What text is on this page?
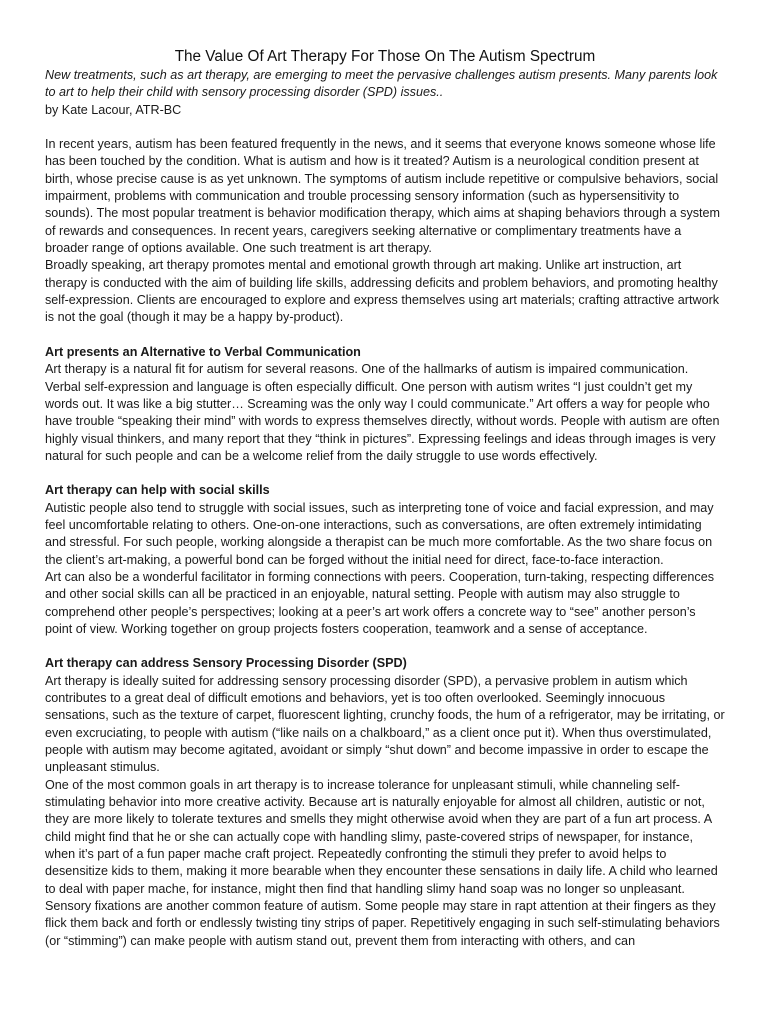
The Value Of Art Therapy For Those On The Autism Spectrum

New treatments, such as art therapy, are emerging to meet the pervasive challenges autism presents. Many parents look to art to help their child with sensory processing disorder (SPD) issues..

by Kate Lacour, ATR-BC

In recent years, autism has been featured frequently in the news, and it seems that everyone knows someone whose life has been touched by the condition. What is autism and how is it treated? Autism is a neurological condition present at birth, whose precise cause is as yet unknown. The symptoms of autism include repetitive or compulsive behaviors, social impairment, problems with communication and trouble processing sensory information (such as hypersensitivity to sounds). The most popular treatment is behavior modification therapy, which aims at shaping behaviors through a system of rewards and consequences. In recent years, caregivers seeking alternative or complimentary treatments have a broader range of options available. One such treatment is art therapy.

Broadly speaking, art therapy promotes mental and emotional growth through art making. Unlike art instruction, art therapy is conducted with the aim of building life skills, addressing deficits and problem behaviors, and promoting healthy self-expression. Clients are encouraged to explore and express themselves using art materials; crafting attractive artwork is not the goal (though it may be a happy by-product).

Art presents an Alternative to Verbal Communication

Art therapy is a natural fit for autism for several reasons. One of the hallmarks of autism is impaired communication. Verbal self-expression and language is often especially difficult. One person with autism writes “I just couldn’t get my words out. It was like a big stutter… Screaming was the only way I could communicate.” Art offers a way for people who have trouble “speaking their mind” with words to express themselves directly, without words. People with autism are often highly visual thinkers, and many report that they “think in pictures”. Expressing feelings and ideas through images is very natural for such people and can be a welcome relief from the daily struggle to use words effectively.

Art therapy can help with social skills

Autistic people also tend to struggle with social issues, such as interpreting tone of voice and facial expression, and may feel uncomfortable relating to others. One-on-one interactions, such as conversations, are often extremely intimidating and stressful. For such people, working alongside a therapist can be much more comfortable. As the two share focus on the client’s art-making, a powerful bond can be forged without the initial need for direct, face-to-face interaction.

Art can also be a wonderful facilitator in forming connections with peers. Cooperation, turn-taking, respecting differences and other social skills can all be practiced in an enjoyable, natural setting. People with autism may also struggle to comprehend other people’s perspectives; looking at a peer’s art work offers a concrete way to “see” another person’s point of view. Working together on group projects fosters cooperation, teamwork and a sense of acceptance.

Art therapy can address Sensory Processing Disorder (SPD)

Art therapy is ideally suited for addressing sensory processing disorder (SPD), a pervasive problem in autism which contributes to a great deal of difficult emotions and behaviors, yet is too often overlooked. Seemingly innocuous sensations, such as the texture of carpet, fluorescent lighting, crunchy foods, the hum of a refrigerator, may be irritating, or even excruciating, to people with autism (“like nails on a chalkboard,” as a client once put it). When thus overstimulated, people with autism may become agitated, avoidant or simply “shut down” and become impassive in order to escape the unpleasant stimulus.

One of the most common goals in art therapy is to increase tolerance for unpleasant stimuli, while channeling self-stimulating behavior into more creative activity. Because art is naturally enjoyable for almost all children, autistic or not, they are more likely to tolerate textures and smells they might otherwise avoid when they are part of a fun art process. A child might find that he or she can actually cope with handling slimy, paste-covered strips of newspaper, for instance, when it’s part of a fun paper mache craft project. Repeatedly confronting the stimuli they prefer to avoid helps to desensitize kids to them, making it more bearable when they encounter these sensations in daily life. A child who learned to deal with paper mache, for instance, might then find that handling slimy hand soap was no longer so unpleasant.

Sensory fixations are another common feature of autism. Some people may stare in rapt attention at their fingers as they flick them back and forth or endlessly twisting tiny strips of paper. Repetitively engaging in such self-stimulating behaviors (or “stimming”) can make people with autism stand out, prevent them from interacting with others, and can
